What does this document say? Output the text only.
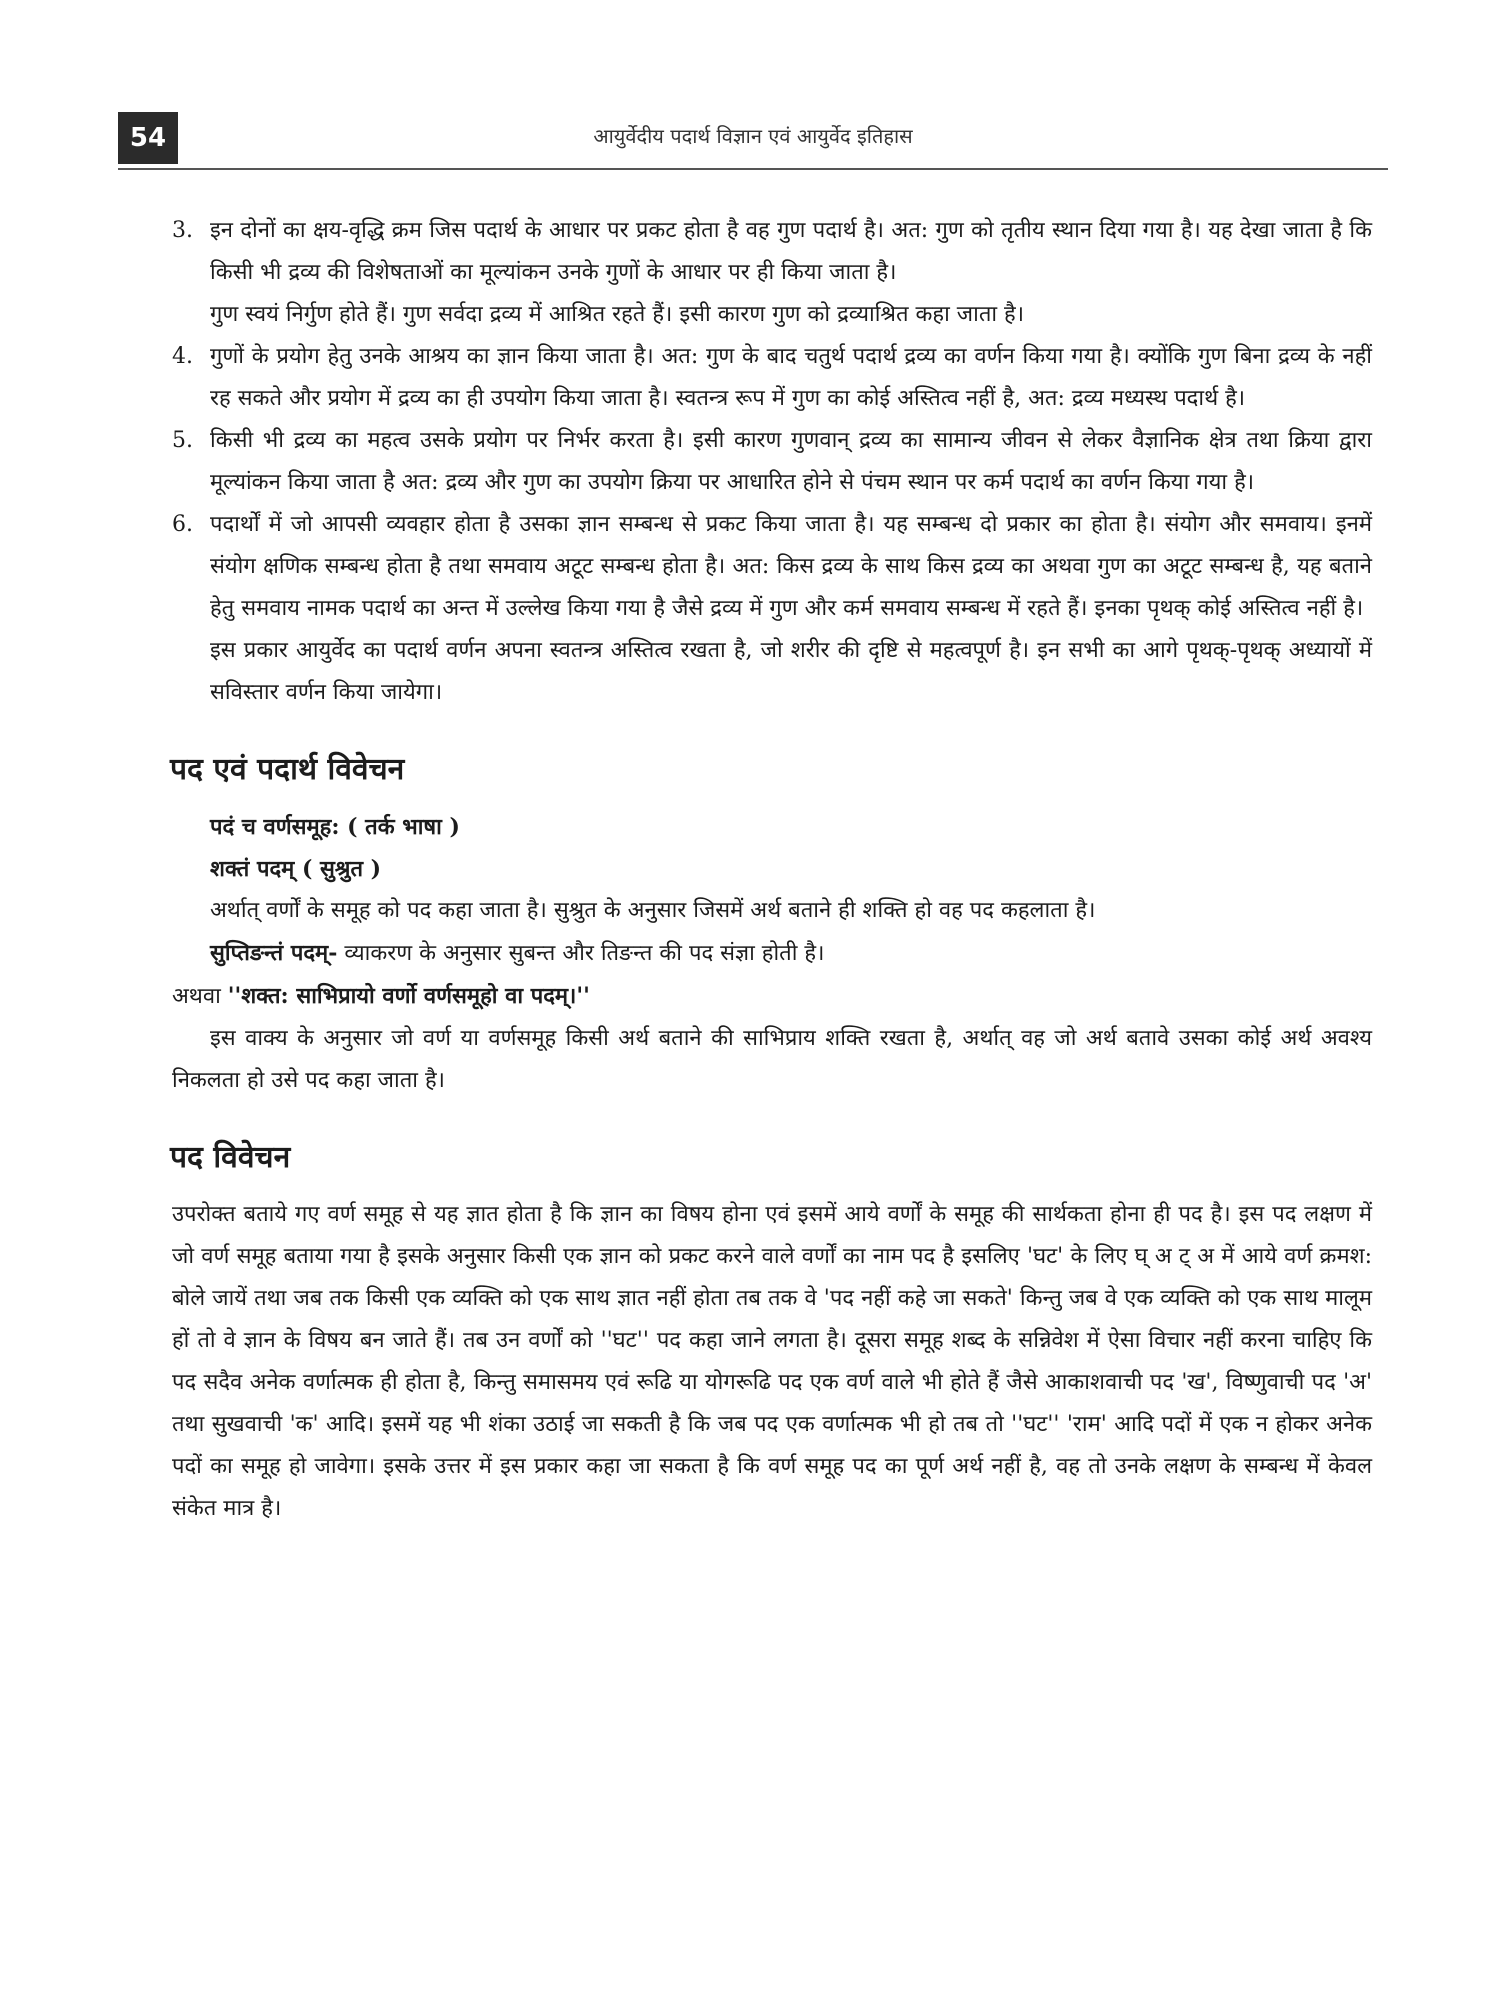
54	आयुर्वेदीय पदार्थ विज्ञान एवं आयुर्वेद इतिहास
3. इन दोनों का क्षय-वृद्धि क्रम जिस पदार्थ के आधार पर प्रकट होता है वह गुण पदार्थ है। अत: गुण को तृतीय स्थान दिया गया है। यह देखा जाता है कि किसी भी द्रव्य की विशेषताओं का मूल्यांकन उनके गुणों के आधार पर ही किया जाता है।
गुण स्वयं निर्गुण होते हैं। गुण सर्वदा द्रव्य में आश्रित रहते हैं। इसी कारण गुण को द्रव्याश्रित कहा जाता है।
4. गुणों के प्रयोग हेतु उनके आश्रय का ज्ञान किया जाता है। अत: गुण के बाद चतुर्थ पदार्थ द्रव्य का वर्णन किया गया है। क्योंकि गुण बिना द्रव्य के नहीं रह सकते और प्रयोग में द्रव्य का ही उपयोग किया जाता है। स्वतन्त्र रूप में गुण का कोई अस्तित्व नहीं है, अत: द्रव्य मध्यस्थ पदार्थ है।
5. किसी भी द्रव्य का महत्व उसके प्रयोग पर निर्भर करता है। इसी कारण गुणवान् द्रव्य का सामान्य जीवन से लेकर वैज्ञानिक क्षेत्र तथा क्रिया द्वारा मूल्यांकन किया जाता है अत: द्रव्य और गुण का उपयोग क्रिया पर आधारित होने से पंचम स्थान पर कर्म पदार्थ का वर्णन किया गया है।
6. पदार्थों में जो आपसी व्यवहार होता है उसका ज्ञान सम्बन्ध से प्रकट किया जाता है। यह सम्बन्ध दो प्रकार का होता है। संयोग और समवाय। इनमें संयोग क्षणिक सम्बन्ध होता है तथा समवाय अटूट सम्बन्ध होता है। अत: किस द्रव्य के साथ किस द्रव्य का अथवा गुण का अटूट सम्बन्ध है, यह बताने हेतु समवाय नामक पदार्थ का अन्त में उल्लेख किया गया है जैसे द्रव्य में गुण और कर्म समवाय सम्बन्ध में रहते हैं। इनका पृथक् कोई अस्तित्व नहीं है।
इस प्रकार आयुर्वेद का पदार्थ वर्णन अपना स्वतन्त्र अस्तित्व रखता है, जो शरीर की दृष्टि से महत्वपूर्ण है। इन सभी का आगे पृथक्-पृथक् अध्यायों में सविस्तार वर्णन किया जायेगा।
पद एवं पदार्थ विवेचन
पदं च वर्णसमूह: ( तर्क भाषा )
शक्तं पदम् ( सुश्रुत )
अर्थात् वर्णों के समूह को पद कहा जाता है। सुश्रुत के अनुसार जिसमें अर्थ बताने ही शक्ति हो वह पद कहलाता है।
सुप्तिङन्तं पदम्- व्याकरण के अनुसार सुबन्त और तिङन्त की पद संज्ञा होती है।
अथवा ''शक्त: साभिप्रायो वर्णो वर्णसमूहो वा पदम्।''
इस वाक्य के अनुसार जो वर्ण या वर्णसमूह किसी अर्थ बताने की साभिप्राय शक्ति रखता है, अर्थात् वह जो अर्थ बतावे उसका कोई अर्थ अवश्य निकलता हो उसे पद कहा जाता है।
पद विवेचन
उपरोक्त बताये गए वर्ण समूह से यह ज्ञात होता है कि ज्ञान का विषय होना एवं इसमें आये वर्णों के समूह की सार्थकता होना ही पद है। इस पद लक्षण में जो वर्ण समूह बताया गया है इसके अनुसार किसी एक ज्ञान को प्रकट करने वाले वर्णों का नाम पद है इसलिए 'घट' के लिए घ् अ ट् अ में आये वर्ण क्रमश: बोले जायें तथा जब तक किसी एक व्यक्ति को एक साथ ज्ञात नहीं होता तब तक वे 'पद नहीं कहे जा सकते' किन्तु जब वे एक व्यक्ति को एक साथ मालूम हों तो वे ज्ञान के विषय बन जाते हैं। तब उन वर्णों को ''घट'' पद कहा जाने लगता है। दूसरा समूह शब्द के सन्निवेश में ऐसा विचार नहीं करना चाहिए कि पद सदैव अनेक वर्णात्मक ही होता है, किन्तु समासमय एवं रूढि या योगरूढि पद एक वर्ण वाले भी होते हैं जैसे आकाशवाची पद 'ख', विष्णुवाची पद 'अ' तथा सुखवाची 'क' आदि। इसमें यह भी शंका उठाई जा सकती है कि जब पद एक वर्णात्मक भी हो तब तो ''घट'' 'राम' आदि पदों में एक न होकर अनेक पदों का समूह हो जावेगा। इसके उत्तर में इस प्रकार कहा जा सकता है कि वर्ण समूह पद का पूर्ण अर्थ नहीं है, वह तो उनके लक्षण के सम्बन्ध में केवल संकेत मात्र है।
